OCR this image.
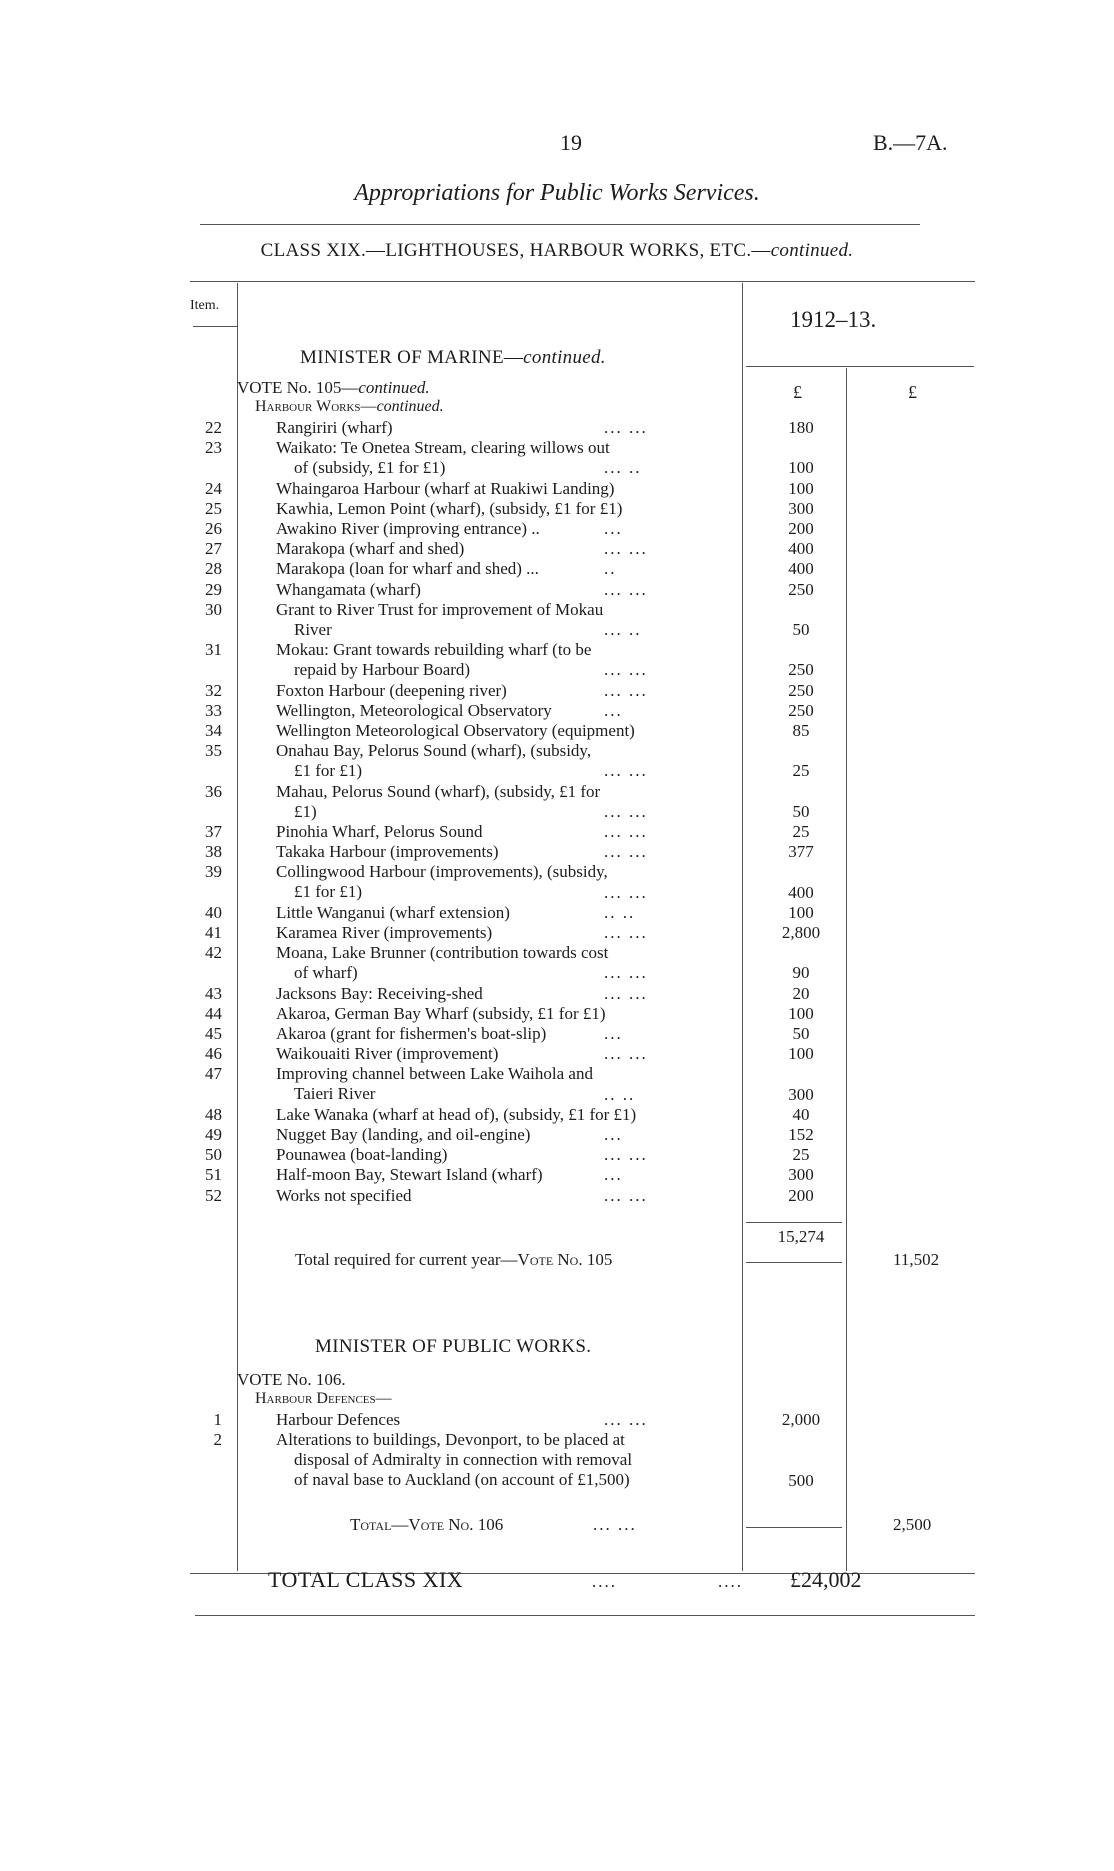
19	B.—7A.
Appropriations for Public Works Services.
CLASS XIX.—LIGHTHOUSES, HARBOUR WORKS, ETC.—continued.
Item.
1912–13.
MINISTER OF MARINE—continued.
£	£
VOTE No. 105—continued.
Harbour Works—continued.
22	Rangiriri (wharf)	... ...	180
23	Waikato: Te Onetea Stream, clearing willows out
of (subsidy, £1 for £1)	... ..	100
24	Whaingaroa Harbour (wharf at Ruakiwi Landing)	100
25	Kawhia, Lemon Point (wharf), (subsidy, £1 for £1)	300
26	Awakino River (improving entrance) ..	...	200
27	Marakopa (wharf and shed)	... ...	400
28	Marakopa (loan for wharf and shed) ...	..	400
29	Whangamata (wharf)	... ...	250
30	Grant to River Trust for improvement of Mokau
River	... ..	50
31	Mokau: Grant towards rebuilding wharf (to be
repaid by Harbour Board)	... ...	250
32	Foxton Harbour (deepening river)	... ...	250
33	Wellington, Meteorological Observatory	...	250
34	Wellington Meteorological Observatory (equipment)	85
35	Onahau Bay, Pelorus Sound (wharf), (subsidy,
£1 for £1)	... ...	25
36	Mahau, Pelorus Sound (wharf), (subsidy, £1 for
£1)	... ...	50
37	Pinohia Wharf, Pelorus Sound	... ...	25
38	Takaka Harbour (improvements)	... ...	377
39	Collingwood Harbour (improvements), (subsidy,
£1 for £1)	... ...	400
40	Little Wanganui (wharf extension)	.. ..	100
41	Karamea River (improvements)	... ...	2,800
42	Moana, Lake Brunner (contribution towards cost
of wharf)	... ...	90
43	Jacksons Bay: Receiving-shed	... ...	20
44	Akaroa, German Bay Wharf (subsidy, £1 for £1)	100
45	Akaroa (grant for fishermen's boat-slip)	...	50
46	Waikouaiti River (improvement)	... ...	100
47	Improving channel between Lake Waihola and
Taieri River	.. ..	300
48	Lake Wanaka (wharf at head of), (subsidy, £1 for £1)	40
49	Nugget Bay (landing, and oil-engine)	...	152
50	Pounawea (boat-landing)	... ...	25
51	Half-moon Bay, Stewart Island (wharf)	...	300
52	Works not specified	... ...	200
15,274
Total required for current year—Vote No. 105	11,502
MINISTER OF PUBLIC WORKS.
VOTE No. 106.
Harbour Defences—
1	Harbour Defences	... ...	2,000
2	Alterations to buildings, Devonport, to be placed at
disposal of Admiralty in connection with removal
of naval base to Auckland (on account of £1,500)	500
Total—Vote No. 106	... ...	2,500
TOTAL CLASS XIX	....	.... £24,002
